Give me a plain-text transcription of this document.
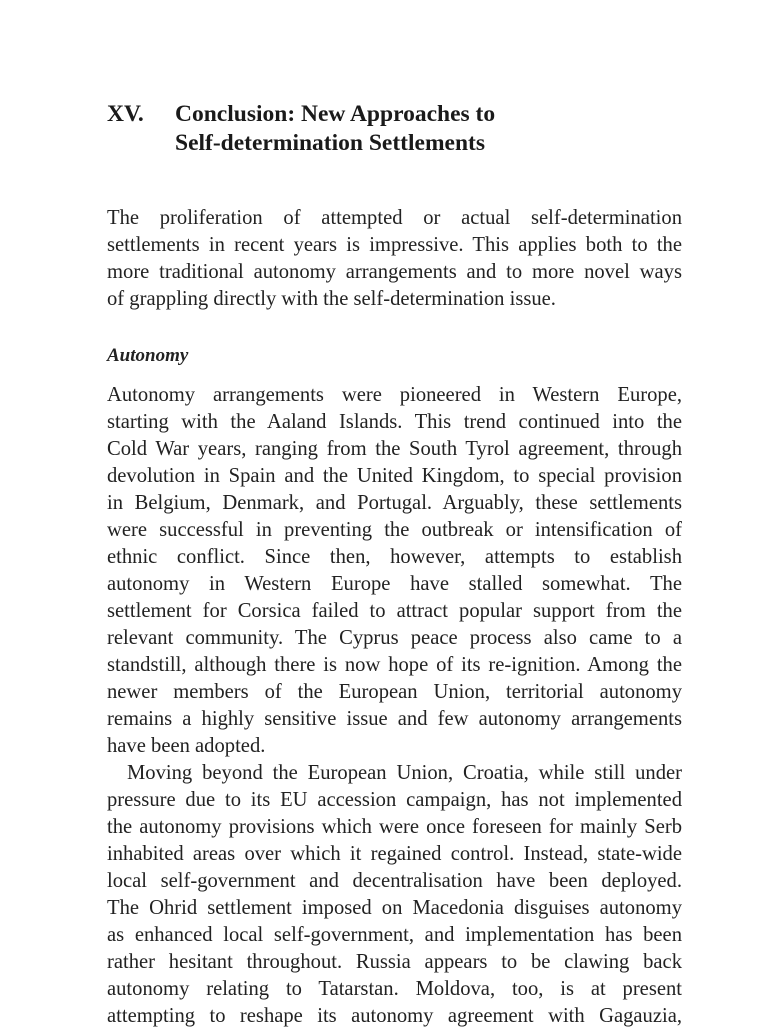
XV.	Conclusion: New Approaches to
Self-determination Settlements

The proliferation of attempted or actual self-determination
settlements in recent years is impressive. This applies both to the
more traditional autonomy arrangements and to more novel ways
of grappling directly with the self-determination issue.

Autonomy

Autonomy arrangements were pioneered in Western Europe,
starting with the Aaland Islands. This trend continued into the
Cold War years, ranging from the South Tyrol agreement, through
devolution in Spain and the United Kingdom, to special provision
in Belgium, Denmark, and Portugal. Arguably, these settlements
were successful in preventing the outbreak or intensification of
ethnic conflict. Since then, however, attempts to establish
autonomy in Western Europe have stalled somewhat. The
settlement for Corsica failed to attract popular support from the
relevant community. The Cyprus peace process also came to a
standstill, although there is now hope of its re-ignition. Among the
newer members of the European Union, territorial autonomy
remains a highly sensitive issue and few autonomy arrangements
have been adopted.

Moving beyond the European Union, Croatia, while still under
pressure due to its EU accession campaign, has not implemented
the autonomy provisions which were once foreseen for mainly Serb
inhabited areas over which it regained control. Instead, state-wide
local self-government and decentralisation have been deployed.
The Ohrid settlement imposed on Macedonia disguises autonomy
as enhanced local self-government, and implementation has been
rather hesitant throughout. Russia appears to be clawing back
autonomy relating to Tatarstan. Moldova, too, is at present
attempting to reshape its autonomy agreement with Gagauzia,
